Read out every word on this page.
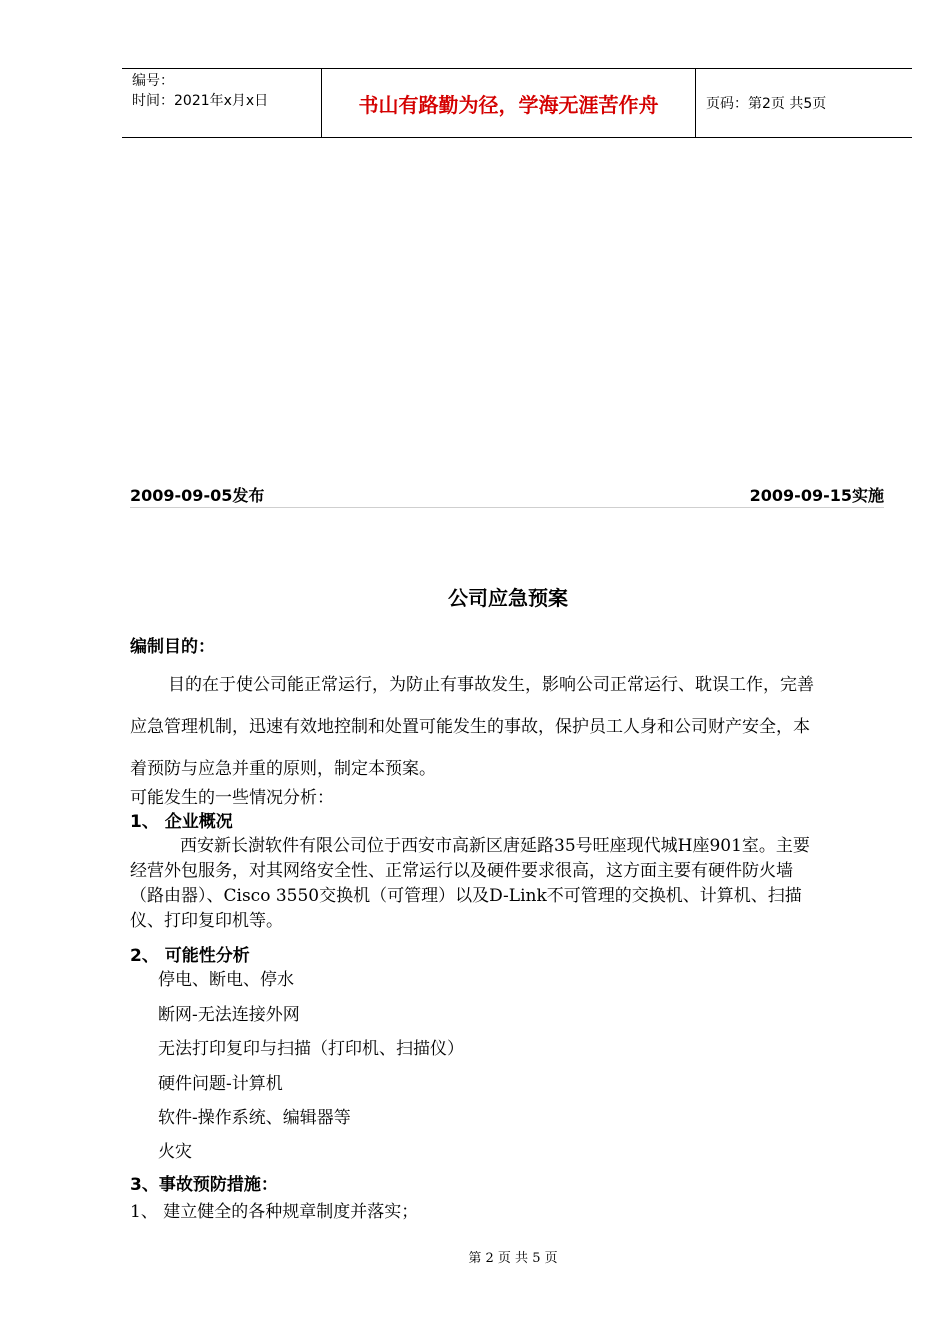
编号：
时间：2021年x月x日	书山有路勤为径，学海无涯苦作舟	页码：第2页 共5页
2009-09-05发布	2009-09-15实施
公司应急预案
编制目的：
目的在于使公司能正常运行，为防止有事故发生，影响公司正常运行、耽误工作，完善
应急管理机制，迅速有效地控制和处置可能发生的事故，保护员工人身和公司财产安全，本
着预防与应急并重的原则，制定本预案。
可能发生的一些情况分析：
1、 企业概况
西安新长澍软件有限公司位于西安市高新区唐延路35号旺座现代城H座901室。主要
经营外包服务，对其网络安全性、正常运行以及硬件要求很高，这方面主要有硬件防火墙
（路由器）、Cisco 3550交换机（可管理）以及D-Link不可管理的交换机、计算机、扫描
仪、打印复印机等。
2、 可能性分析
停电、断电、停水
断网-无法连接外网
无法打印复印与扫描（打印机、扫描仪）
硬件问题-计算机
软件-操作系统、编辑器等
火灾
3、事故预防措施：
1、 建立健全的各种规章制度并落实；
第 2 页 共 5 页
